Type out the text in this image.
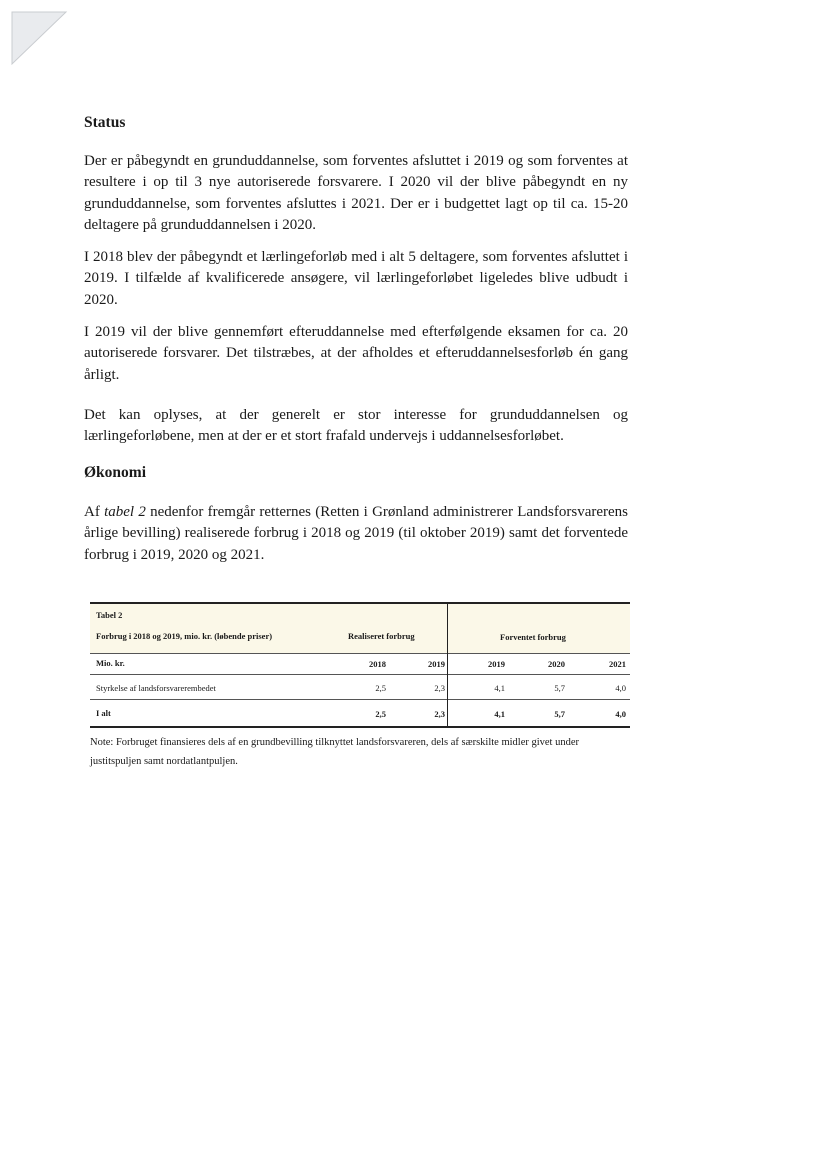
Status

Der er påbegyndt en grunduddannelse, som forventes afsluttet i 2019 og som forventes at resultere i op til 3 nye autoriserede forsvarere. I 2020 vil der blive påbegyndt en ny grunduddannelse, som forventes afsluttes i 2021. Der er i budgettet lagt op til ca. 15-20 deltagere på grunduddannelsen i 2020.

I 2018 blev der påbegyndt et lærlingeforløb med i alt 5 deltagere, som forventes afsluttet i 2019. I tilfælde af kvalificerede ansøgere, vil lærlingeforløbet ligeledes blive udbudt i 2020.

I 2019 vil der blive gennemført efteruddannelse med efterfølgende eksamen for ca. 20 autoriserede forsvarer. Det tilstræbes, at der afholdes et efteruddannelsesforløb én gang årligt.

Det kan oplyses, at der generelt er stor interesse for grunduddannelsen og lærlingeforløbene, men at der er et stort frafald undervejs i uddannelsesforløbet.

Økonomi

Af tabel 2 nedenfor fremgår retternes (Retten i Grønland administrerer Landsforsvarerens årlige bevilling) realiserede forbrug i 2018 og 2019 (til oktober 2019) samt det forventede forbrug i 2019, 2020 og 2021.

Tabel 2
Forbrug i 2018 og 2019, mio. kr. (løbende priser)	Realiseret forbrug	Forventet forbrug
Mio. kr.	2018	2019	2019	2020	2021
Styrkelse af landsforsvarerembedet	2,5	2,3	4,1	5,7	4,0
I alt	2,5	2,3	4,1	5,7	4,0

Note: Forbruget finansieres dels af en grundbevilling tilknyttet landsforsvareren, dels af særskilte midler givet under justitspuljen samt nordatlantpuljen.
